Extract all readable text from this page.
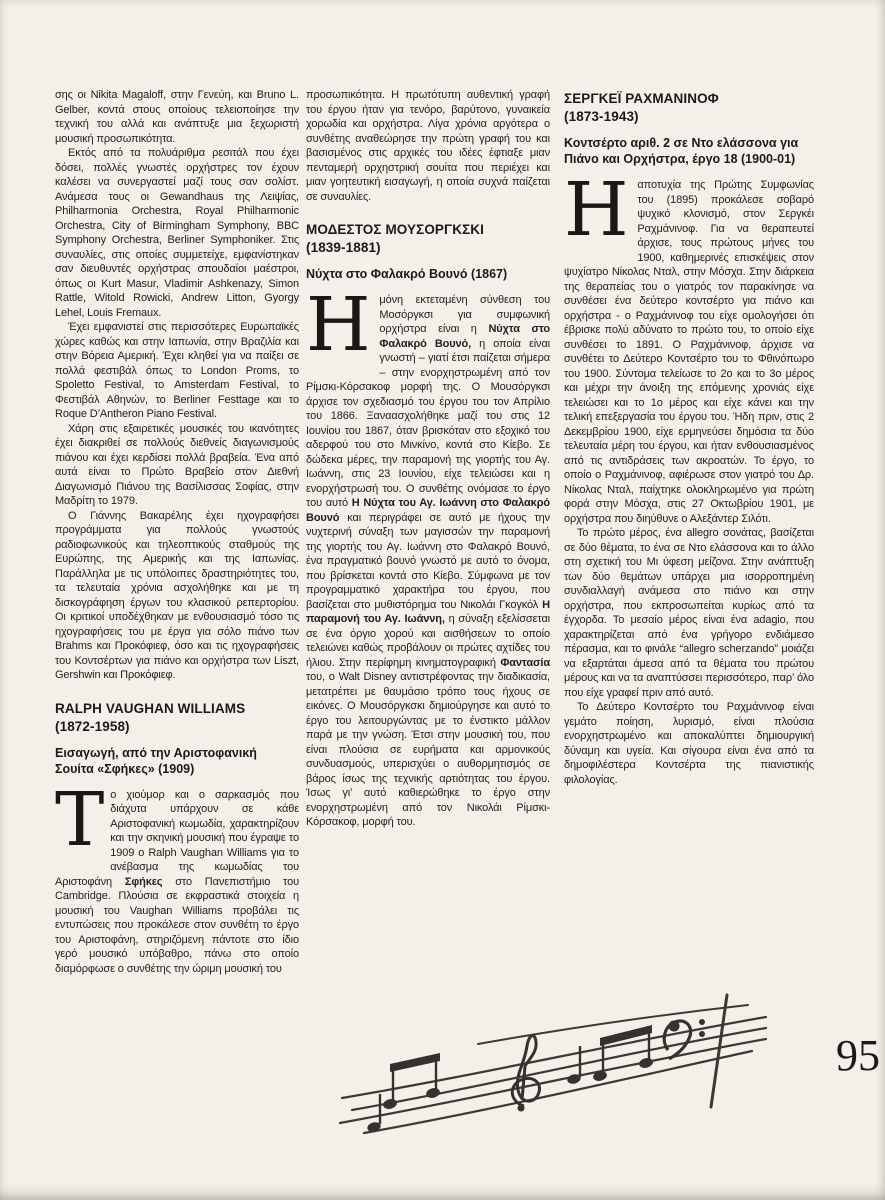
σης οι Nikita Magaloff, στην Γενεύη, και Bruno L. Gelber, κοντά στους οποίους τελειοποίησε την τεχνική του αλλά και ανάπτυξε μια ξεχωριστή μουσική προσωπικότητα.

Εκτός από τα πολυάριθμα ρεσιτάλ που έχει δόσει, πολλές γνωστές ορχήστρες τον έχουν καλέσει να συνεργαστεί μαζί τους σαν σολίστ. Ανάμεσα τους οι Gewandhaus της Λειψίας, Philharmonia Orchestra, Royal Philharmonic Orchestra, City of Birmingham Symphony, BBC Symphony Orchestra, Berliner Symphoniker. Στις συναυλίες, στις οποίες συμμετείχε, εμφανίστηκαν σαν διευθυντές ορχήστρας σπουδαίοι μαέστροι, όπως οι Kurt Masur, Vladimir Ashkenazy, Simon Rattle, Witold Rowicki, Andrew Litton, Gyorgy Lehel, Louis Fremaux.

Έχει εμφανιστεί στις περισσότερες Ευρωπαϊκές χώρες καθώς και στην Ιαπωνία, στην Βραζιλία και στην Βόρεια Αμερική. Έχει κληθεί για να παίξει σε πολλά φεστιβάλ όπως το London Proms, το Spoletto Festival, το Amsterdam Festival, το Φεστιβάλ Αθηνών, το Berliner Festtage και το Roque D’Antheron Piano Festival.

Χάρη στις εξαιρετικές μουσικές του ικανότητες έχει διακριθεί σε πολλούς διεθνείς διαγωνισμούς πιάνου και έχει κερδίσει πολλά βραβεία. Ένα από αυτά είναι το Πρώτο Βραβείο στον Διεθνή Διαγωνισμό Πιάνου της Βασίλισσας Σοφίας, στην Μαδρίτη το 1979.

Ο Γιάννης Βακαρέλης έχει ηχογραφήσει προγράμματα για πολλούς γνωστούς ραδιοφωνικούς και τηλεοπτικούς σταθμούς της Ευρώπης, της Αμερικής και της Ιαπωνίας. Παράλληλα με τις υπόλοιπες δραστηριότητες του, τα τελευταία χρόνια ασχολήθηκε και με τη δισκογράφηση έργων του κλασικού ρεπερτορίου. Οι κριτικοί υποδέχθηκαν με ενθουσιασμό τόσο τις ηχογραφήσεις του με έργα για σόλο πιάνο των Brahms και Προκόφιεφ, όσο και τις ηχογραφήσεις του Κοντσέρτων για πιάνο και ορχήστρα των Liszt, Gershwin και Προκόφιεφ.

RALPH VAUGHAN WILLIAMS
(1872-1958)
Εισαγωγή, από την Αριστοφανική Σουίτα «Σφήκες» (1909)

Το χιούμορ και ο σαρκασμός που διάχυτα υπάρχουν σε κάθε Αριστοφανική κωμωδία, χαρακτηρίζουν και την σκηνική μουσική που έγραψε το 1909 ο Ralph Vaughan Williams για το ανέβασμα της κωμωδίας του Αριστοφάνη Σφήκες στο Πανεπιστήμιο του Cambridge. Πλούσια σε εκφραστικά στοιχεία η μουσική του Vaughan Williams προβάλει τις εντυπώσεις που προκάλεσε στον συνθέτη το έργο του Αριστοφάνη, στηριζόμενη πάντοτε στο ίδιο γερό μουσικό υπόβαθρο, πάνω στο οποίο διαμόρφωσε ο συνθέτης την ώριμη μουσική του

προσωπικότητα. Η πρωτότυπη αυθεντική γραφή του έργου ήταν για τενόρο, βαρύτονο, γυναικεία χορωδία και ορχήστρα. Λίγα χρόνια αργότερα ο συνθέτης αναθεώρησε την πρώτη γραφή του και βασισμένος στις αρχικές του ιδέες έφτιαξε μιαν πενταμερή ορχηστρική σουίτα που περιέχει και μιαν γοητευτική εισαγωγή, η οποία συχνά παίζεται σε συναυλίες.

ΜΟΔΕΣΤΟΣ ΜΟΥΣΟΡΓΚΣΚΙ
(1839-1881)
Νύχτα στο Φαλακρό Βουνό (1867)

Ημόνη εκτεταμένη σύνθεση του Μοσόργκσι για συμφωνική ορχήστρα είναι η Νύχτα στο Φαλακρό Βουνό, η οποία είναι γνωστή – γιατί έτσι παίζεται σήμερα – στην ενορχηστρωμένη από τον Ρίμσκι-Κόρσακοφ μορφή της. Ο Μουσόργκσι άρχισε τον σχεδιασμό του έργου του τον Απρίλιο του 1866. Ξαναασχολήθηκε μαζί του στις 12 Ιουνίου του 1867, όταν βρισκόταν στο εξοχικό του αδερφού του στο Μινκίνο, κοντά στο Κίεβο. Σε δώδεκα μέρες, την παραμονή της γιορτής του Αγ. Ιωάννη, στις 23 Ιουνίου, είχε τελειώσει και η ενορχήστρωσή του. Ο συνθέτης ονόμασε το έργο του αυτό Η Νύχτα του Αγ. Ιωάννη στο Φαλακρό Βουνό και περιγράφει σε αυτό με ήχους την νυχτερινή σύναξη των μαγισσών την παραμονή της γιορτής του Αγ. Ιωάννη στο Φαλακρό Βουνό, ένα πραγματικό βουνό γνωστό με αυτό το όνομα, που βρίσκεται κοντά στο Κίεβο. Σύμφωνα με τον προγραμματικό χαρακτήρα του έργου, που βασίζεται στο μυθιστόρημα του Νικολάι Γκογκόλ Η παραμονή του Αγ. Ιωάννη, η σύναξη εξελίσσεται σε ένα όργιο χορού και αισθήσεων το οποίο τελειώνει καθώς προβάλουν οι πρώτες αχτίδες του ήλιου. Στην περίφημη κινηματογραφική Φαντασία του, ο Walt Disney αντιστρέφοντας την διαδικασία, μετατρέπει με θαυμάσιο τρόπο τους ήχους σε εικόνες. Ο Μουσόργκσκι δημιούργησε και αυτό το έργο του λειτουργώντας με το ένστικτο μάλλον παρά με την γνώση. Έτσι στην μουσική του, που είναι πλούσια σε ευρήματα και αρμονικούς συνδυασμούς, υπερισχύει ο αυθορμητισμός σε βάρος ίσως της τεχνικής αρτιότητας του έργου. Ίσως γι’ αυτό καθιερώθηκε το έργο στην ενορχηστρωμένη από τον Νικολάι Ρίμσκι-Κόρσακοφ, μορφή του.

ΣΕΡΓΚΕΪ ΡΑΧΜΑΝΙΝΟΦ
(1873-1943)
Κοντσέρτο αριθ. 2 σε Ντο ελάσσονα για Πιάνο και Ορχήστρα, έργο 18 (1900-01)

Ηαποτυχία της Πρώτης Συμφωνίας του (1895) προκάλεσε σοβαρό ψυχικό κλονισμό, στον Σεργκέι Ραχμάνινοφ. Για να θεραπευτεί άρχισε, τους πρώτους μήνες του 1900, καθημερινές επισκέψεις στον ψυχίατρο Νίκολας Νταλ, στην Μόσχα. Στην διάρκεια της θεραπείας του ο γιατρός τον παρακίνησε να συνθέσει ένα δεύτερο κοντσέρτο για πιάνο και ορχήστρα - ο Ραχμάνινοφ του είχε ομολογήσει ότι έβρισκε πολύ αδύνατο το πρώτο του, το οποίο είχε συνθέσει το 1891. Ο Ραχμάνινοφ, άρχισε να συνθέτει το Δεύτερο Κοντσέρτο του το Φθινόπωρο του 1900. Σύντομα τελείωσε το 2ο και το 3ο μέρος και μέχρι την άνοιξη της επόμενης χρονιάς είχε τελειώσει και το 1ο μέρος και είχε κάνει και την τελική επεξεργασία του έργου του. Ήδη πριν, στις 2 Δεκεμβρίου 1900, είχε ερμηνεύσει δημόσια τα δύο τελευταία μέρη του έργου, και ήταν ενθουσιασμένος από τις αντιδράσεις των ακροατών. Το έργο, το οποίο ο Ραχμάνινοφ, αφιέρωσε στον γιατρό του Δρ. Νίκολας Νταλ, παίχτηκε ολοκληρωμένο για πρώτη φορά στην Μόσχα, στις 27 Οκτωβρίου 1901, με ορχήστρα που διηύθυνε ο Αλεξάντερ Σιλότι.

Το πρώτο μέρος, ένα allegro σονάτας, βασίζεται σε δύο θέματα, το ένα σε Ντο ελάσσονα και το άλλο στη σχετική του Μι ύφεση μείζονα. Στην ανάπτυξη των δύο θεμάτων υπάρχει μια ισορροπημένη συνδιαλλαγή ανάμεσα στο πιάνο και στην ορχήστρα, που εκπροσωπείται κυρίως από τα έγχορδα. Το μεσαίο μέρος είναι ένα adagio, που χαρακτηρίζεται από ένα γρήγορο ενδιάμεσο πέρασμα, και το φινάλε “allegro scherzando” μοιάζει να εξαρτάται άμεσα από τα θέματα του πρώτου μέρους και να τα αναπτύσσει περισσότερο, παρ’ όλο που είχε γραφεί πριν από αυτό.

Το Δεύτερο Κοντσέρτο του Ραχμάνινοφ είναι γεμάτο ποίηση, λυρισμό, είναι πλούσια ενορχηστρωμένο και αποκαλύπτει δημιουργική δύναμη και υγεία. Και σίγουρα είναι ένα από τα δημοφιλέστερα Κοντσέρτα της πιανιστικής φιλολογίας.

95
